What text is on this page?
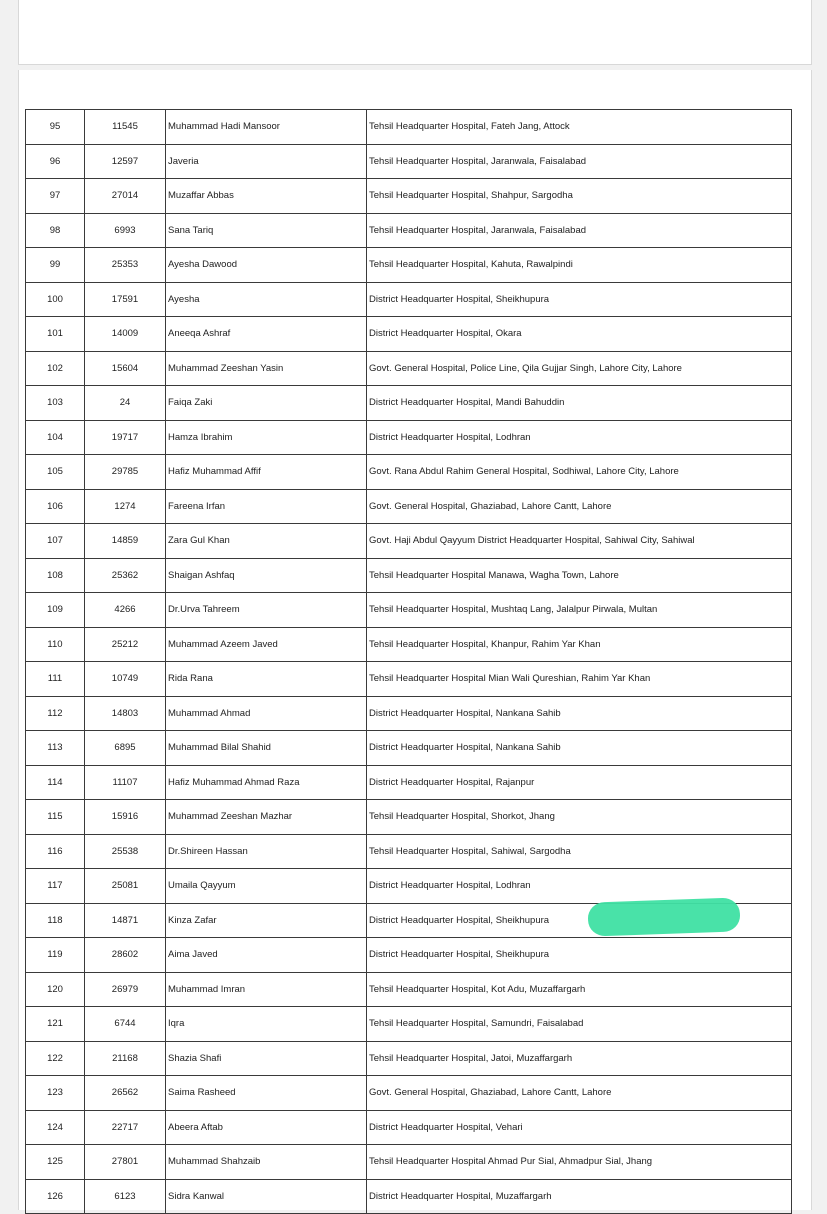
95	11545	Muhammad Hadi Mansoor	Tehsil Headquarter Hospital, Fateh Jang, Attock
96	12597	Javeria	Tehsil Headquarter Hospital, Jaranwala, Faisalabad
97	27014	Muzaffar Abbas	Tehsil Headquarter Hospital, Shahpur, Sargodha
98	6993	Sana Tariq	Tehsil Headquarter Hospital, Jaranwala, Faisalabad
99	25353	Ayesha Dawood	Tehsil Headquarter Hospital, Kahuta, Rawalpindi
100	17591	Ayesha	District Headquarter Hospital, Sheikhupura
101	14009	Aneeqa Ashraf	District Headquarter Hospital, Okara
102	15604	Muhammad Zeeshan Yasin	Govt. General Hospital, Police Line, Qila Gujjar Singh, Lahore City, Lahore
103	24	Faiqa Zaki	District Headquarter Hospital, Mandi Bahuddin
104	19717	Hamza Ibrahim	District Headquarter Hospital, Lodhran
105	29785	Hafiz Muhammad Affif	Govt. Rana Abdul Rahim General Hospital, Sodhiwal, Lahore City, Lahore
106	1274	Fareena Irfan	Govt. General Hospital, Ghaziabad, Lahore Cantt, Lahore
107	14859	Zara Gul Khan	Govt. Haji Abdul Qayyum District Headquarter Hospital, Sahiwal City, Sahiwal
108	25362	Shaigan Ashfaq	Tehsil Headquarter Hospital Manawa, Wagha Town, Lahore
109	4266	Dr.Urva Tahreem	Tehsil Headquarter Hospital, Mushtaq Lang, Jalalpur Pirwala, Multan
110	25212	Muhammad Azeem Javed	Tehsil Headquarter Hospital, Khanpur, Rahim Yar Khan
111	10749	Rida Rana	Tehsil Headquarter Hospital Mian Wali Qureshian, Rahim Yar Khan
112	14803	Muhammad Ahmad	District Headquarter Hospital, Nankana Sahib
113	6895	Muhammad Bilal Shahid	District Headquarter Hospital, Nankana Sahib
114	11107	Hafiz Muhammad Ahmad Raza	District Headquarter Hospital, Rajanpur
115	15916	Muhammad Zeeshan Mazhar	Tehsil Headquarter Hospital, Shorkot, Jhang
116	25538	Dr.Shireen Hassan	Tehsil Headquarter Hospital, Sahiwal, Sargodha
117	25081	Umaila Qayyum	District Headquarter Hospital, Lodhran
118	14871	Kinza Zafar	District Headquarter Hospital, Sheikhupura
119	28602	Aima Javed	District Headquarter Hospital, Sheikhupura
120	26979	Muhammad Imran	Tehsil Headquarter Hospital, Kot Adu, Muzaffargarh
121	6744	Iqra	Tehsil Headquarter Hospital, Samundri, Faisalabad
122	21168	Shazia Shafi	Tehsil Headquarter Hospital, Jatoi, Muzaffargarh
123	26562	Saima Rasheed	Govt. General Hospital, Ghaziabad, Lahore Cantt, Lahore
124	22717	Abeera Aftab	District Headquarter Hospital, Vehari
125	27801	Muhammad Shahzaib	Tehsil Headquarter Hospital Ahmad Pur Sial, Ahmadpur Sial, Jhang
126	6123	Sidra Kanwal	District Headquarter Hospital, Muzaffargarh
